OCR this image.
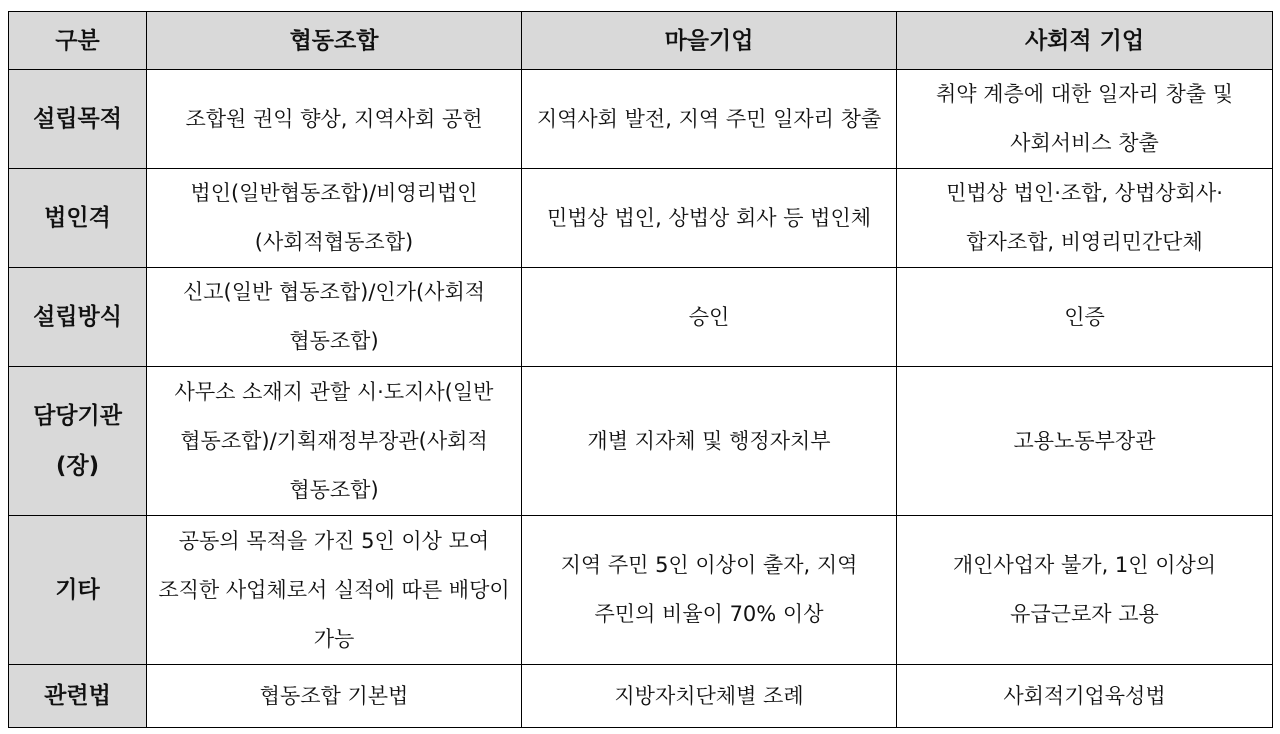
구분	협동조합	마을기업	사회적 기업
설립목적	조합원 권익 향상, 지역사회 공헌	지역사회 발전, 지역 주민 일자리 창출	취약 계층에 대한 일자리 창출 및 사회서비스 창출
법인격	법인(일반협동조합)/비영리법인 (사회적협동조합)	민법상 법인, 상법상 회사 등 법인체	민법상 법인·조합, 상법상회사·합자조합, 비영리민간단체
설립방식	신고(일반 협동조합)/인가(사회적 협동조합)	승인	인증
담당기관(장)	사무소 소재지 관할 시·도지사(일반 협동조합)/기획재정부장관(사회적 협동조합)	개별 지자체 및 행정자치부	고용노동부장관
기타	공동의 목적을 가진 5인 이상 모여 조직한 사업체로서 실적에 따른 배당이 가능	지역 주민 5인 이상이 출자, 지역 주민의 비율이 70% 이상	개인사업자 불가, 1인 이상의 유급근로자 고용
관련법	협동조합 기본법	지방자치단체별 조례	사회적기업육성법
